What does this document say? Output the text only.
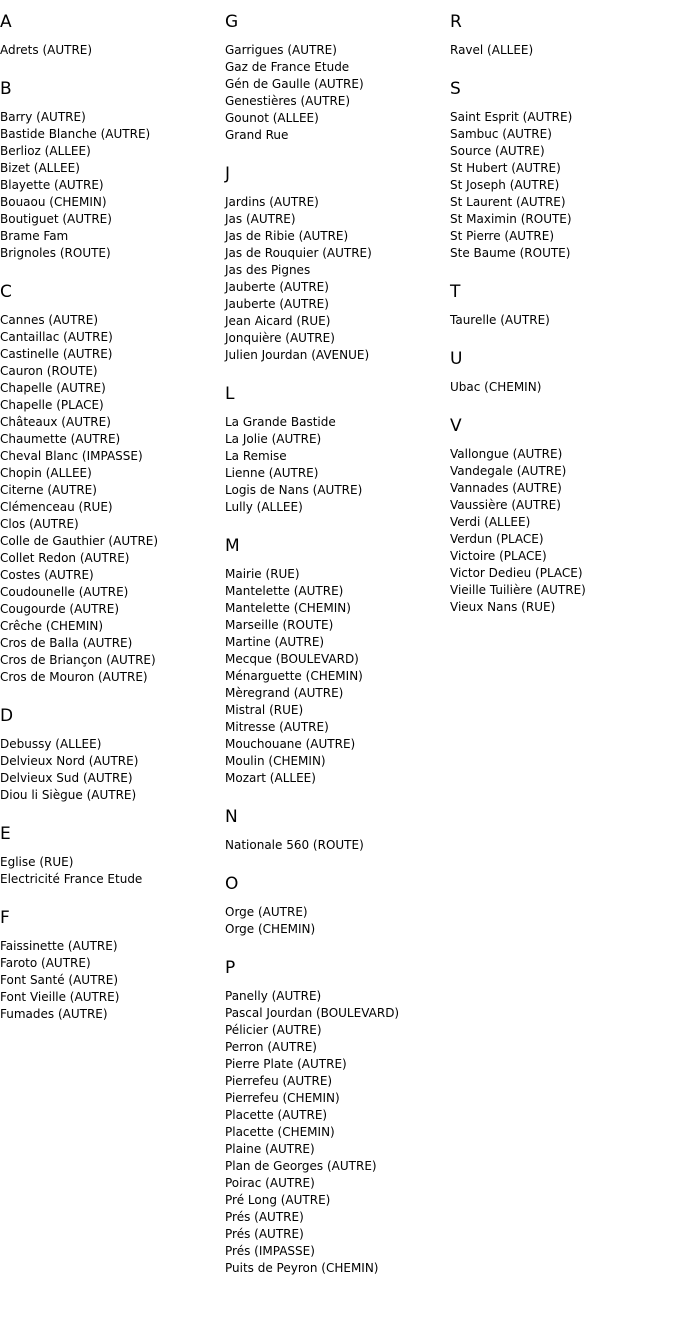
A
Adrets (AUTRE)
B
Barry (AUTRE)
Bastide Blanche (AUTRE)
Berlioz (ALLEE)
Bizet (ALLEE)
Blayette (AUTRE)
Bouaou (CHEMIN)
Boutiguet (AUTRE)
Brame Fam
Brignoles (ROUTE)
C
Cannes (AUTRE)
Cantaillac (AUTRE)
Castinelle (AUTRE)
Cauron (ROUTE)
Chapelle (AUTRE)
Chapelle (PLACE)
Châteaux (AUTRE)
Chaumette (AUTRE)
Cheval Blanc (IMPASSE)
Chopin (ALLEE)
Citerne (AUTRE)
Clémenceau (RUE)
Clos (AUTRE)
Colle de Gauthier (AUTRE)
Collet Redon (AUTRE)
Costes (AUTRE)
Coudounelle (AUTRE)
Cougourde (AUTRE)
Crêche (CHEMIN)
Cros de Balla (AUTRE)
Cros de Briançon (AUTRE)
Cros de Mouron (AUTRE)
D
Debussy (ALLEE)
Delvieux Nord (AUTRE)
Delvieux Sud (AUTRE)
Diou li Siègue (AUTRE)
E
Eglise (RUE)
Electricité France Etude
F
Faissinette (AUTRE)
Faroto (AUTRE)
Font Santé (AUTRE)
Font Vieille (AUTRE)
Fumades (AUTRE)
G
Garrigues (AUTRE)
Gaz de France Etude
Gén de Gaulle (AUTRE)
Genestières (AUTRE)
Gounot (ALLEE)
Grand Rue
J
Jardins (AUTRE)
Jas (AUTRE)
Jas de Ribie (AUTRE)
Jas de Rouquier (AUTRE)
Jas des Pignes
Jauberte (AUTRE)
Jauberte (AUTRE)
Jean Aicard (RUE)
Jonquière (AUTRE)
Julien Jourdan (AVENUE)
L
La Grande Bastide
La Jolie (AUTRE)
La Remise
Lienne (AUTRE)
Logis de Nans (AUTRE)
Lully (ALLEE)
M
Mairie (RUE)
Mantelette (AUTRE)
Mantelette (CHEMIN)
Marseille (ROUTE)
Martine (AUTRE)
Mecque (BOULEVARD)
Ménarguette (CHEMIN)
Mèregrand (AUTRE)
Mistral (RUE)
Mitresse (AUTRE)
Mouchouane (AUTRE)
Moulin (CHEMIN)
Mozart (ALLEE)
N
Nationale 560 (ROUTE)
O
Orge (AUTRE)
Orge (CHEMIN)
P
Panelly (AUTRE)
Pascal Jourdan (BOULEVARD)
Pélicier (AUTRE)
Perron (AUTRE)
Pierre Plate (AUTRE)
Pierrefeu (AUTRE)
Pierrefeu (CHEMIN)
Placette (AUTRE)
Placette (CHEMIN)
Plaine (AUTRE)
Plan de Georges (AUTRE)
Poirac (AUTRE)
Pré Long (AUTRE)
Prés (AUTRE)
Prés (AUTRE)
Prés (IMPASSE)
Puits de Peyron (CHEMIN)
R
Ravel (ALLEE)
S
Saint Esprit (AUTRE)
Sambuc (AUTRE)
Source (AUTRE)
St Hubert (AUTRE)
St Joseph (AUTRE)
St Laurent (AUTRE)
St Maximin (ROUTE)
St Pierre (AUTRE)
Ste Baume (ROUTE)
T
Taurelle (AUTRE)
U
Ubac (CHEMIN)
V
Vallongue (AUTRE)
Vandegale (AUTRE)
Vannades (AUTRE)
Vaussière (AUTRE)
Verdi (ALLEE)
Verdun (PLACE)
Victoire (PLACE)
Victor Dedieu (PLACE)
Vieille Tuilière (AUTRE)
Vieux Nans (RUE)
